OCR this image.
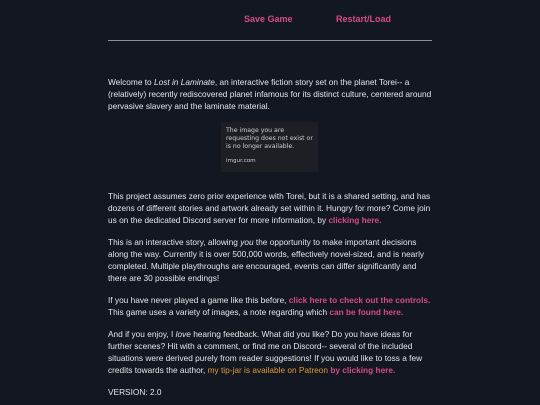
Save Game	Restart/Load

Welcome to Lost in Laminate, an interactive fiction story set on the planet Torei-- a (relatively) recently rediscovered planet infamous for its distinct culture, centered around pervasive slavery and the laminate material.

The image you are requesting does not exist or is no longer available.
imgur.com

This project assumes zero prior experience with Torei, but it is a shared setting, and has dozens of different stories and artwork already set within it. Hungry for more? Come join us on the dedicated Discord server for more information, by clicking here.

This is an interactive story, allowing you the opportunity to make important decisions along the way. Currently it is over 500,000 words, effectively novel-sized, and is nearly completed. Multiple playthroughs are encouraged, events can differ significantly and there are 30 possible endings!

If you have never played a game like this before, click here to check out the controls.
This game uses a variety of images, a note regarding which can be found here.

And if you enjoy, I love hearing feedback. What did you like? Do you have ideas for further scenes? Hit with a comment, or find me on Discord-- several of the included situations were derived purely from reader suggestions! If you would like to toss a few credits towards the author, my tip-jar is available on Patreon by clicking here.

VERSION: 2.0
